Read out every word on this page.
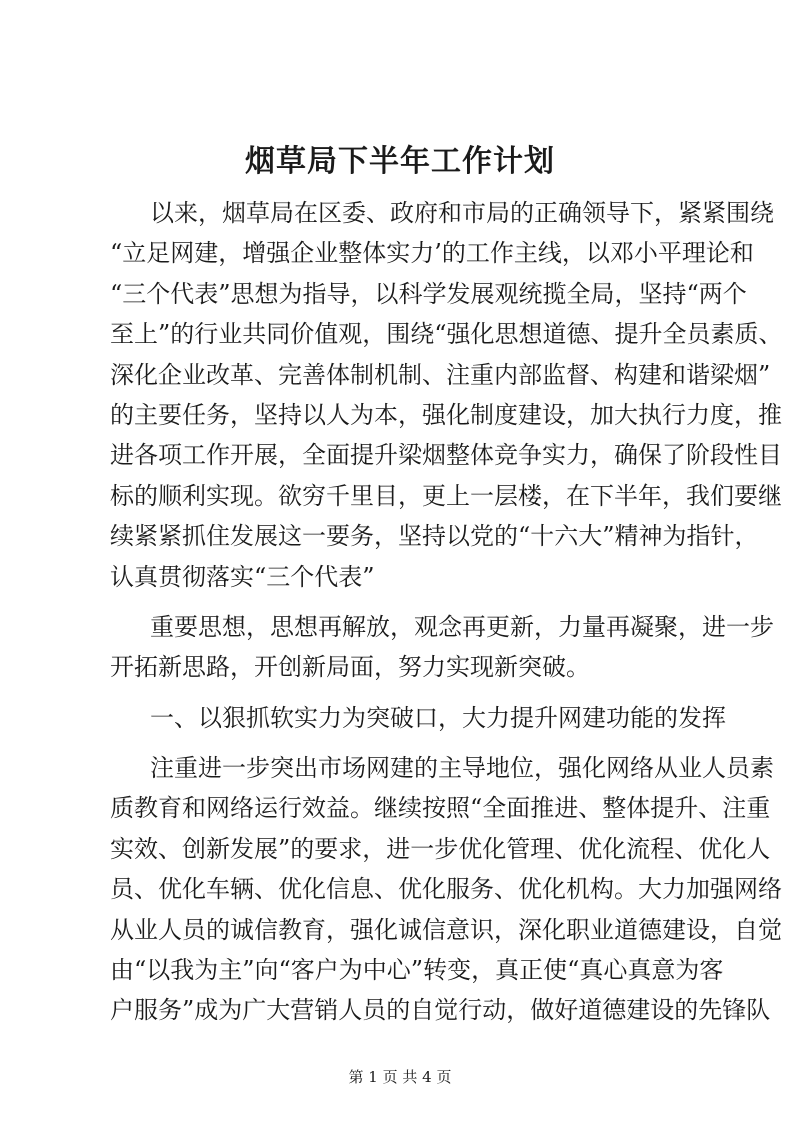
烟草局下半年工作计划
以来，烟草局在区委、政府和市局的正确领导下，紧紧围绕
“立足网建，增强企业整体实力’的工作主线，以邓小平理论和
“三个代表”思想为指导，以科学发展观统揽全局，坚持“两个
至上”的行业共同价值观，围绕“强化思想道德、提升全员素质、
深化企业改革、完善体制机制、注重内部监督、构建和谐梁烟”
的主要任务，坚持以人为本，强化制度建设，加大执行力度，推
进各项工作开展，全面提升梁烟整体竞争实力，确保了阶段性目
标的顺利实现。欲穷千里目，更上一层楼，在下半年，我们要继
续紧紧抓住发展这一要务，坚持以党的“十六大”精神为指针，
认真贯彻落实“三个代表”
重要思想，思想再解放，观念再更新，力量再凝聚，进一步
开拓新思路，开创新局面，努力实现新突破。
一、以狠抓软实力为突破口，大力提升网建功能的发挥
注重进一步突出市场网建的主导地位，强化网络从业人员素
质教育和网络运行效益。继续按照“全面推进、整体提升、注重
实效、创新发展”的要求，进一步优化管理、优化流程、优化人
员、优化车辆、优化信息、优化服务、优化机构。大力加强网络
从业人员的诚信教育，强化诚信意识，深化职业道德建设，自觉
由“以我为主”向“客户为中心”转变，真正使“真心真意为客
户服务”成为广大营销人员的自觉行动，做好道德建设的先锋队
第 1 页 共 4 页
